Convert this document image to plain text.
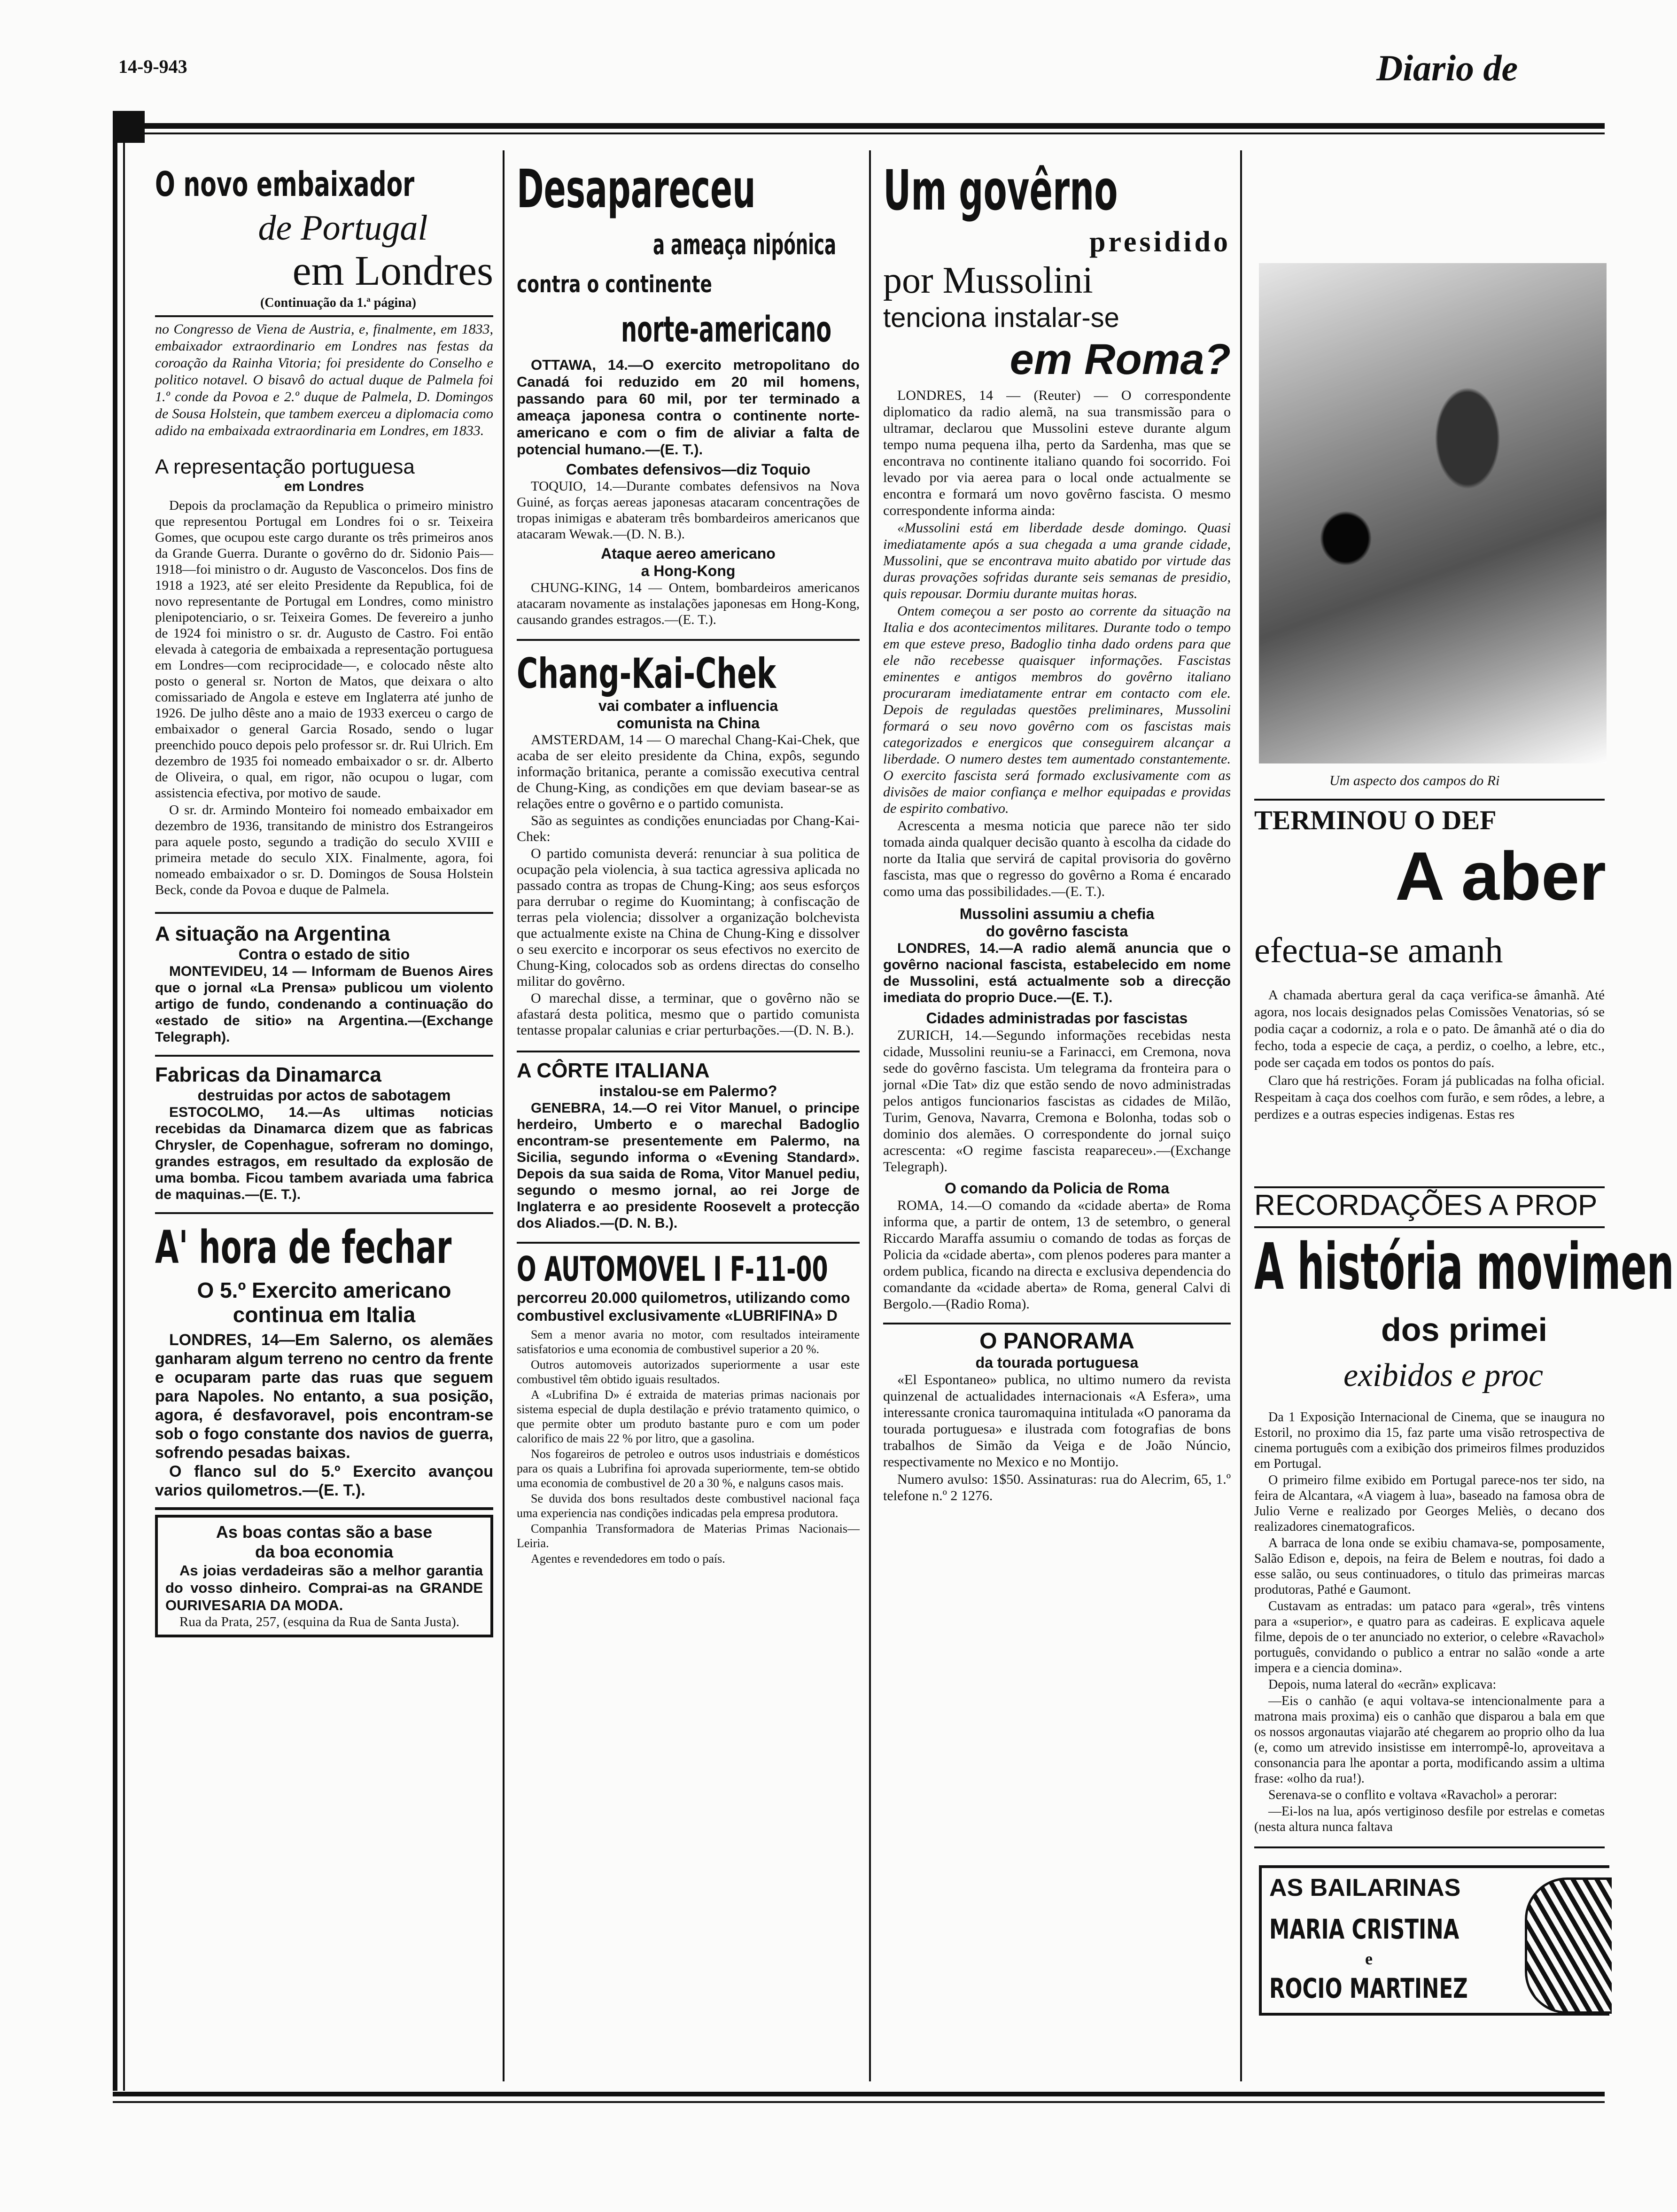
14-9-943	Diario de
O novo embaixador
de Portugal
em Londres
(Continuação da 1.ª página)
no Congresso de Viena de Austria, e, finalmente, em 1833, embaixador extraordinario em Londres nas festas da coroação da Rainha Vitoria; foi presidente do Conselho e politico notavel. O bisavô do actual duque de Palmela foi 1.º conde da Povoa e 2.º duque de Palmela, D. Domingos de Sousa Holstein, que tambem exerceu a diplomacia como adido na embaixada extraordinaria em Londres, em 1833.
A representação portuguesa
em Londres

Depois da proclamação da Republica o primeiro ministro que representou Portugal em Londres foi o sr. Teixeira Gomes, que ocupou este cargo durante os três primeiros anos da Grande Guerra. Durante o govêrno do dr. Sidonio Pais—1918—foi ministro o dr. Augusto de Vasconcelos. Dos fins de 1918 a 1923, até ser eleito Presidente da Republica, foi de novo representante de Portugal em Londres, como ministro plenipotenciario, o sr. Teixeira Gomes. De fevereiro a junho de 1924 foi ministro o sr. dr. Augusto de Castro. Foi então elevada à categoria de embaixada a representação portuguesa em Londres—com reciprocidade—, e colocado nêste alto posto o general sr. Norton de Matos, que deixara o alto comissariado de Angola e esteve em Inglaterra até junho de 1926. De julho dêste ano a maio de 1933 exerceu o cargo de embaixador o general Garcia Rosado, sendo o lugar preenchido pouco depois pelo professor sr. dr. Rui Ulrich. Em dezembro de 1935 foi nomeado embaixador o sr. dr. Alberto de Oliveira, o qual, em rigor, não ocupou o lugar, com assistencia efectiva, por motivo de saude.

O sr. dr. Armindo Monteiro foi nomeado embaixador em dezembro de 1936, transitando de ministro dos Estrangeiros para aquele posto, segundo a tradição do seculo XVIII e primeira metade do seculo XIX. Finalmente, agora, foi nomeado embaixador o sr. D. Domingos de Sousa Holstein Beck, conde da Povoa e duque de Palmela.

A situação na Argentina
Contra o estado de sitio
MONTEVIDEU, 14 — Informam de Buenos Aires que o jornal «La Prensa» publicou um violento artigo de fundo, condenando a continuação do «estado de sitio» na Argentina.—(Exchange Telegraph).
Fabricas da Dinamarca
destruidas por actos de sabotagem
ESTOCOLMO, 14.—As ultimas noticias recebidas da Dinamarca dizem que as fabricas Chrysler, de Copenhague, sofreram no domingo, grandes estragos, em resultado da explosão de uma bomba. Ficou tambem avariada uma fabrica de maquinas.—(E. T.).
A' hora de fechar
O 5.º Exercito americano
continua em Italia
LONDRES, 14—Em Salerno, os alemães ganharam algum terreno no centro da frente e ocuparam parte das ruas que seguem para Napoles. No entanto, a sua posição, agora, é desfavoravel, pois encontram-se sob o fogo constante dos navios de guerra, sofrendo pesadas baixas.
O flanco sul do 5.º Exercito avançou varios quilometros.—(E. T.).
As boas contas são a base
da boa economia
As joias verdadeiras são a melhor garantia do vosso dinheiro. Comprai-as na GRANDE OURIVESARIA DA MODA.
Rua da Prata, 257, (esquina da Rua de Santa Justa).
Desapareceu
a ameaça nipónica
contra o continente
norte-americano
OTTAWA, 14.—O exercito metropolitano do Canadá foi reduzido em 20 mil homens, passando para 60 mil, por ter terminado a ameaça japonesa contra o continente norte-americano e com o fim de aliviar a falta de potencial humano.—(E. T.).
Combates defensivos—diz Toquio
TOQUIO, 14.—Durante combates defensivos na Nova Guiné, as forças aereas japonesas atacaram concentrações de tropas inimigas e abateram três bombardeiros americanos que atacaram Wewak.—(D. N. B.).
Ataque aereo americano
a Hong-Kong
CHUNG-KING, 14 — Ontem, bombardeiros americanos atacaram novamente as instalações japonesas em Hong-Kong, causando grandes estragos.—(E. T.).
Chang-Kai-Chek
vai combater a influencia
comunista na China

AMSTERDAM, 14 — O marechal Chang-Kai-Chek, que acaba de ser eleito presidente da China, expôs, segundo informação britanica, perante a comissão executiva central de Chung-King, as condições em que deviam basear-se as relações entre o govêrno e o partido comunista.

São as seguintes as condições enunciadas por Chang-Kai-Chek:

O partido comunista deverá: renunciar à sua politica de ocupação pela violencia, à sua tactica agressiva aplicada no passado contra as tropas de Chung-King; aos seus esforços para derrubar o regime do Kuomintang; à confiscação de terras pela violencia; dissolver a organização bolchevista que actualmente existe na China de Chung-King e dissolver o seu exercito e incorporar os seus efectivos no exercito de Chung-King, colocados sob as ordens directas do conselho militar do govêrno.

O marechal disse, a terminar, que o govêrno não se afastará desta politica, mesmo que o partido comunista tentasse propalar calunias e criar perturbações.—(D. N. B.).

A CÔRTE ITALIANA
instalou-se em Palermo?
GENEBRA, 14.—O rei Vitor Manuel, o principe herdeiro, Umberto e o marechal Badoglio encontram-se presentemente em Palermo, na Sicilia, segundo informa o «Evening Standard». Depois da sua saida de Roma, Vitor Manuel pediu, segundo o mesmo jornal, ao rei Jorge de Inglaterra e ao presidente Roosevelt a protecção dos Aliados.—(D. N. B.).
O AUTOMOVEL I F-11-00
percorreu 20.000 quilometros, utilizando como combustivel exclusivamente «LUBRIFINA» D

Sem a menor avaria no motor, com resultados inteiramente satisfatorios e uma economia de combustivel superior a 20 %.

Outros automoveis autorizados superiormente a usar este combustivel têm obtido iguais resultados.

A «Lubrifina D» é extraida de materias primas nacionais por sistema especial de dupla destilação e prévio tratamento quimico, o que permite obter um produto bastante puro e com um poder calorifico de mais 22 % por litro, que a gasolina.

Nos fogareiros de petroleo e outros usos industriais e domésticos para os quais a Lubrifina foi aprovada superiormente, tem-se obtido uma economia de combustivel de 20 a 30 %, e nalguns casos mais.

Se duvida dos bons resultados deste combustivel nacional faça uma experiencia nas condições indicadas pela empresa produtora.

Companhia Transformadora de Materias Primas Nacionais—Leiria.

Agentes e revendedores em todo o país.

Um govêrno
presidido
por Mussolini
tenciona instalar-se
em Roma?

LONDRES, 14 — (Reuter) — O correspondente diplomatico da radio alemã, na sua transmissão para o ultramar, declarou que Mussolini esteve durante algum tempo numa pequena ilha, perto da Sardenha, mas que se encontrava no continente italiano quando foi socorrido. Foi levado por via aerea para o local onde actualmente se encontra e formará um novo govêrno fascista. O mesmo correspondente informa ainda:

«Mussolini está em liberdade desde domingo. Quasi imediatamente após a sua chegada a uma grande cidade, Mussolini, que se encontrava muito abatido por virtude das duras provações sofridas durante seis semanas de presidio, quis repousar. Dormiu durante muitas horas.

Ontem começou a ser posto ao corrente da situação na Italia e dos acontecimentos militares. Durante todo o tempo em que esteve preso, Badoglio tinha dado ordens para que ele não recebesse quaisquer informações. Fascistas eminentes e antigos membros do govêrno italiano procuraram imediatamente entrar em contacto com ele. Depois de reguladas questões preliminares, Mussolini formará o seu novo govêrno com os fascistas mais categorizados e energicos que conseguirem alcançar a liberdade. O numero destes tem aumentado constantemente. O exercito fascista será formado exclusivamente com as divisões de maior confiança e melhor equipadas e providas de espirito combativo.

Acrescenta a mesma noticia que parece não ter sido tomada ainda qualquer decisão quanto à escolha da cidade do norte da Italia que servirá de capital provisoria do govêrno fascista, mas que o regresso do govêrno a Roma é encarado como uma das possibilidades.—(E. T.).

Mussolini assumiu a chefia
do govêrno fascista
LONDRES, 14.—A radio alemã anuncia que o govêrno nacional fascista, estabelecido em nome de Mussolini, está actualmente sob a direcção imediata do proprio Duce.—(E. T.).
Cidades administradas por fascistas
ZURICH, 14.—Segundo informações recebidas nesta cidade, Mussolini reuniu-se a Farinacci, em Cremona, nova sede do govêrno fascista. Um telegrama da fronteira para o jornal «Die Tat» diz que estão sendo de novo administradas pelos antigos funcionarios fascistas as cidades de Milão, Turim, Genova, Navarra, Cremona e Bolonha, todas sob o dominio dos alemães. O correspondente do jornal suiço acrescenta: «O regime fascista reapareceu».—(Exchange Telegraph).
O comando da Policia de Roma
ROMA, 14.—O comando da «cidade aberta» de Roma informa que, a partir de ontem, 13 de setembro, o general Riccardo Maraffa assumiu o comando de todas as forças de Policia da «cidade aberta», com plenos poderes para manter a ordem publica, ficando na directa e exclusiva dependencia do comandante da «cidade aberta» de Roma, general Calvi di Bergolo.—(Radio Roma).
O PANORAMA
da tourada portuguesa

«El Espontaneo» publica, no ultimo numero da revista quinzenal de actualidades internacionais «A Esfera», uma interessante cronica tauromaquina intitulada «O panorama da tourada portuguesa» e ilustrada com fotografias de bons trabalhos de Simão da Veiga e de João Núncio, respectivamente no Mexico e no Montijo.

Numero avulso: 1$50. Assinaturas: rua do Alecrim, 65, 1.º telefone n.º 2 1276.

Um aspecto dos campos do Ri
TERMINOU O DEF
A aber
efectua-se amanh

A chamada abertura geral da caça verifica-se âmanhã. Até agora, nos locais designados pelas Comissões Venatorias, só se podia caçar a codorniz, a rola e o pato. De âmanhã até o dia do fecho, toda a especie de caça, a perdiz, o coelho, a lebre, etc., pode ser caçada em todos os pontos do país.

Claro que há restrições. Foram já publicadas na folha oficial. Respeitam à caça dos coelhos com furão, e sem rôdes, a lebre, a perdizes e a outras especies indigenas. Estas res

RECORDAÇÕES A PROP
A história movimen
dos primei
exibidos e proc

Da 1 Exposição Internacional de Cinema, que se inaugura no Estoril, no proximo dia 15, faz parte uma visão retrospectiva de cinema português com a exibição dos primeiros filmes produzidos em Portugal.

O primeiro filme exibido em Portugal parece-nos ter sido, na feira de Alcantara, «A viagem à lua», baseado na famosa obra de Julio Verne e realizado por Georges Meliès, o decano dos realizadores cinematograficos.

A barraca de lona onde se exibiu chamava-se, pomposamente, Salão Edison e, depois, na feira de Belem e noutras, foi dado a esse salão, ou seus continuadores, o titulo das primeiras marcas produtoras, Pathé e Gaumont.

Custavam as entradas: um pataco para «geral», três vintens para a «superior», e quatro para as cadeiras. E explicava aquele filme, depois de o ter anunciado no exterior, o celebre «Ravachol» português, convidando o publico a entrar no salão «onde a arte impera e a ciencia domina».

Depois, numa lateral do «ecrãn» explicava:

—Eis o canhão (e aqui voltava-se intencionalmente para a matrona mais proxima) eis o canhão que disparou a bala em que os nossos argonautas viajarão até chegarem ao proprio olho da lua (e, como um atrevido insistisse em interrompê-lo, aproveitava a consonancia para lhe apontar a porta, modificando assim a ultima frase: «olho da rua!).

Serenava-se o conflito e voltava «Ravachol» a perorar:

—Ei-los na lua, após vertiginoso desfile por estrelas e cometas (nesta altura nunca faltava

AS BAILARINAS
MARIA CRISTINA
e
ROCIO MARTINEZ
